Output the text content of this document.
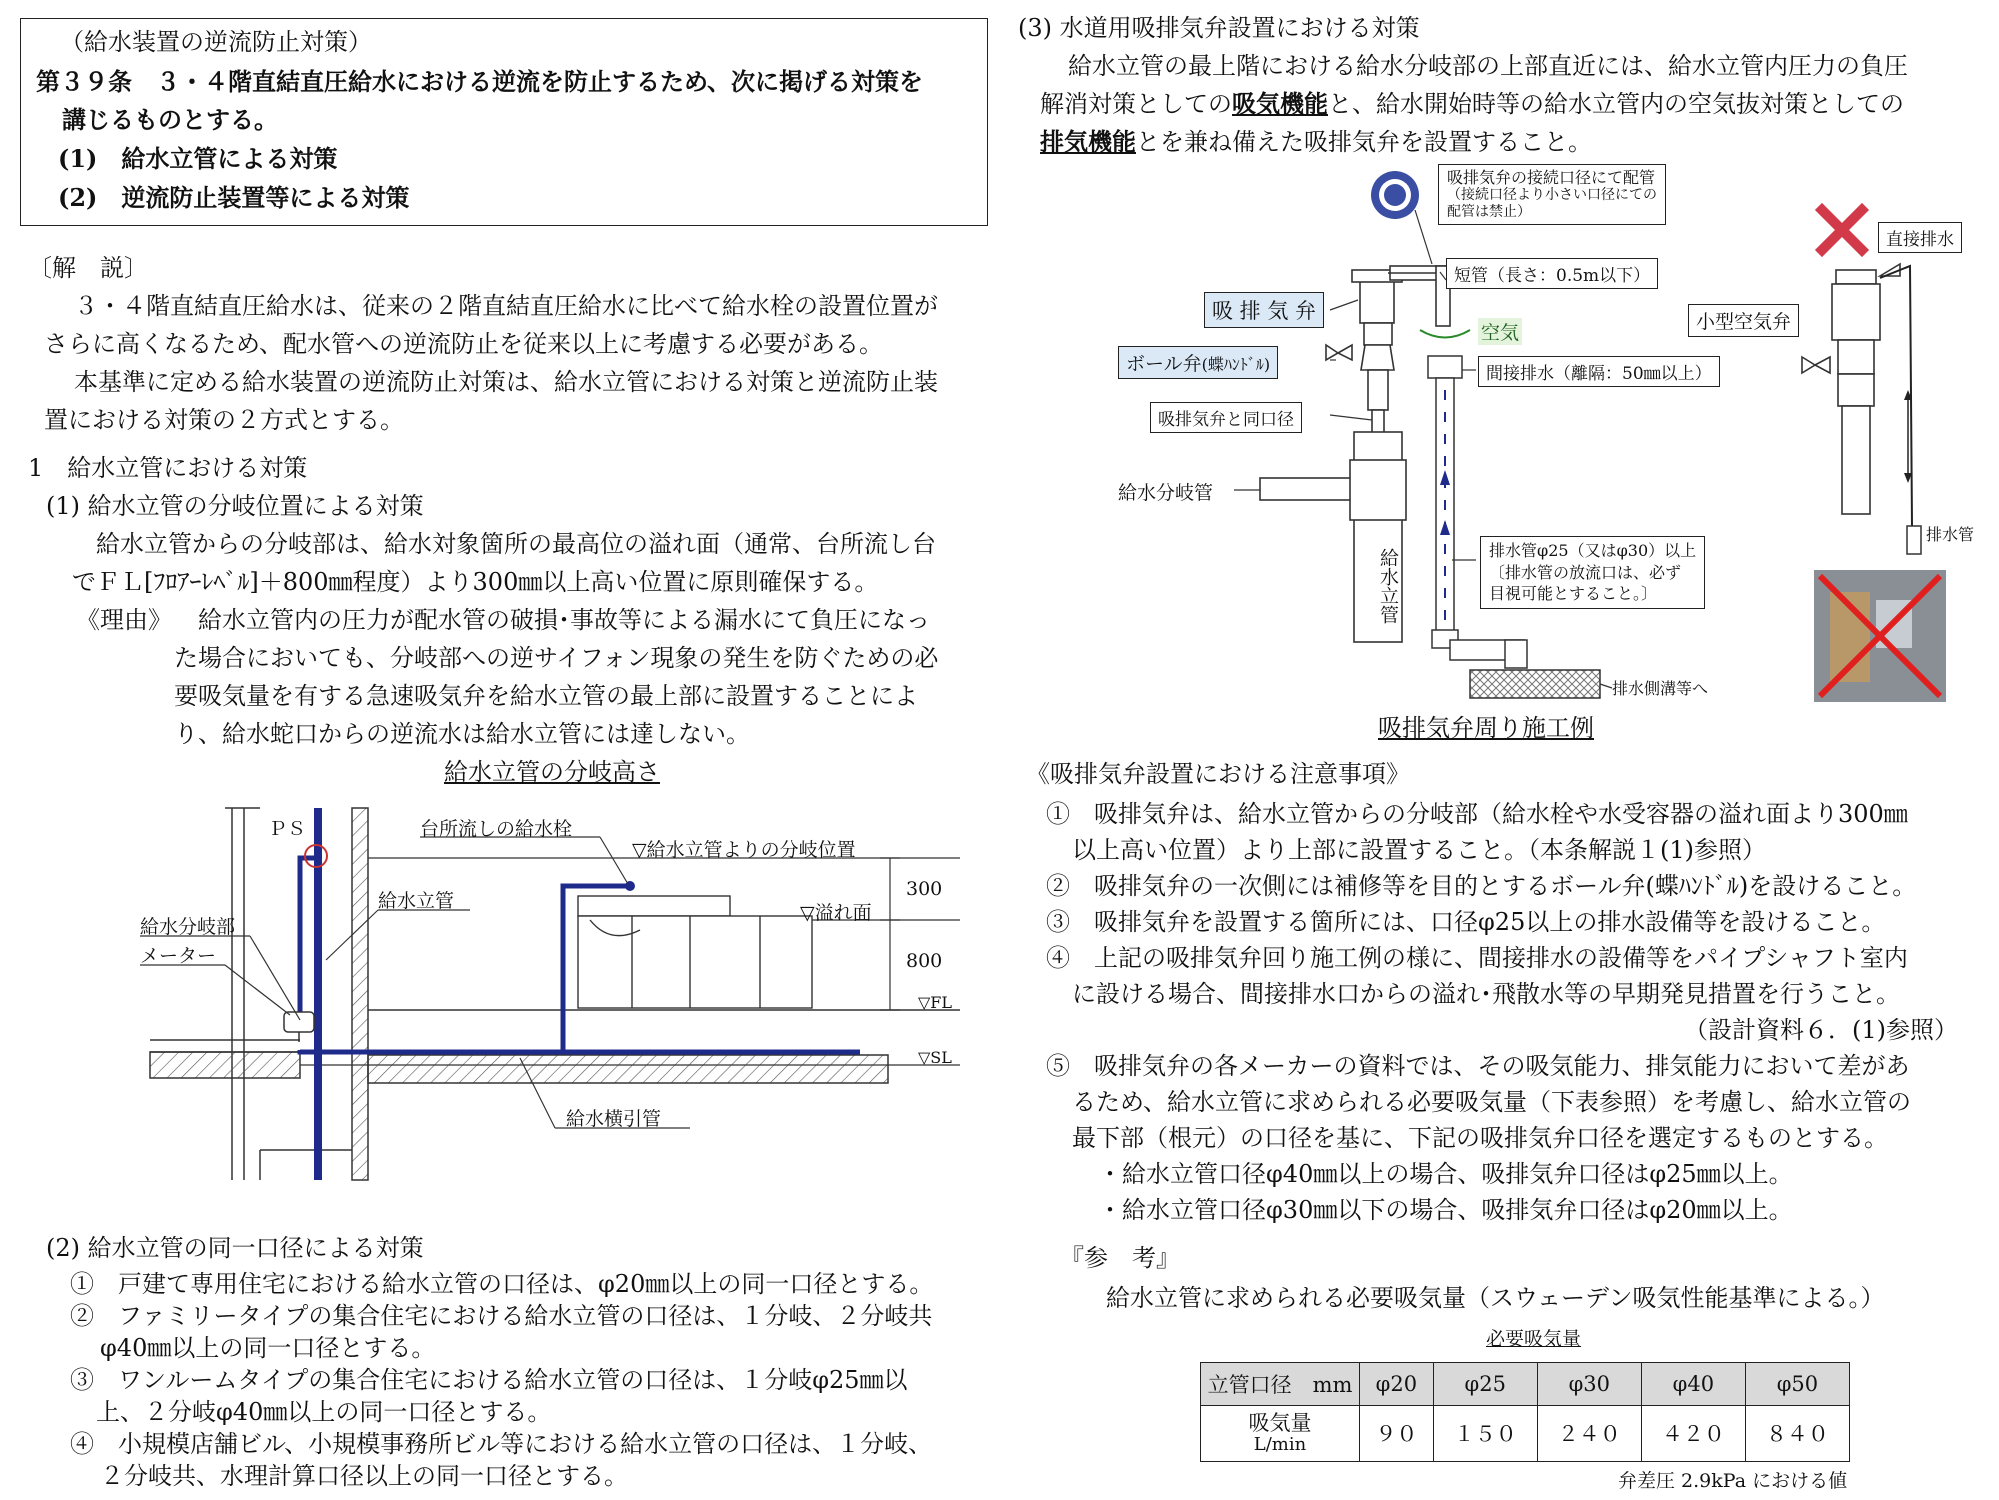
（給水装置の逆流防止対策）
第３９条　３・４階直結直圧給水における逆流を防止するため、次に掲げる対策を
講じるものとする。
(1)　給水立管による対策
(2)　逆流防止装置等による対策
〔解　説〕
３・４階直結直圧給水は、従来の２階直結直圧給水に比べて給水栓の設置位置が
さらに高くなるため、配水管への逆流防止を従来以上に考慮する必要がある。
本基準に定める給水装置の逆流防止対策は、給水立管における対策と逆流防止装
置における対策の２方式とする。
1　給水立管における対策
(1) 給水立管の分岐位置による対策
給水立管からの分岐部は、給水対象箇所の最高位の溢れ面（通常、台所流し台
でＦＬ[ﾌﾛｱｰﾚﾍﾞﾙ]＋800㎜程度）より300㎜以上高い位置に原則確保する。
《理由》 給水立管内の圧力が配水管の破損･事故等による漏水にて負圧になっ
た場合においても、分岐部への逆サイフォン現象の発生を防ぐための必
要吸気量を有する急速吸気弁を給水立管の最上部に設置することによ
り、給水蛇口からの逆流水は給水立管には達しない。
給水立管の分岐高さ
ＰＳ	台所流しの給水栓
▽給水立管よりの分岐位置
給水立管
給水分岐部
メーター
▽溢れ面
300
800
▽FL
▽SL
給水横引管
(2) 給水立管の同一口径による対策
①　戸建て専用住宅における給水立管の口径は、φ20㎜以上の同一口径とする。
②　ファミリータイプの集合住宅における給水立管の口径は、１分岐、２分岐共
φ40㎜以上の同一口径とする。
③　ワンルームタイプの集合住宅における給水立管の口径は、１分岐φ25㎜以
上、２分岐φ40㎜以上の同一口径とする。
④　小規模店舗ビル、小規模事務所ビル等における給水立管の口径は、１分岐、
２分岐共、水理計算口径以上の同一口径とする。
(3) 水道用吸排気弁設置における対策
給水立管の最上階における給水分岐部の上部直近には、給水立管内圧力の負圧
解消対策としての吸気機能と、給水開始時等の給水立管内の空気抜対策としての
排気機能とを兼ね備えた吸排気弁を設置すること。
吸排気弁の接続口径にて配管
（接続口径より小さい口径にての
配管は禁止）
短管（長さ：0.5m以下）
吸 排 気 弁
空気
ボール弁(蝶ﾊﾝﾄﾞﾙ)	間接排水（離隔：50㎜以上）
吸排気弁と同口径
給水分岐管
給水立管	排水管φ25（又はφ30）以上
〔排水管の放流口は、必ず
目視可能とすること。〕
排水側溝等へ
直接排水
小型空気弁
排水管
吸排気弁周り施工例
《吸排気弁設置における注意事項》
①　吸排気弁は、給水立管からの分岐部（給水栓や水受容器の溢れ面より300㎜
以上高い位置）より上部に設置すること。（本条解説１(1)参照）
②　吸排気弁の一次側には補修等を目的とするボール弁(蝶ﾊﾝﾄﾞﾙ)を設けること。
③　吸排気弁を設置する箇所には、口径φ25以上の排水設備等を設けること。
④　上記の吸排気弁回り施工例の様に、間接排水の設備等をパイプシャフト室内
に設ける場合、間接排水口からの溢れ･飛散水等の早期発見措置を行うこと。
（設計資料６．(1)参照）
⑤　吸排気弁の各メーカーの資料では、その吸気能力、排気能力において差があ
るため、給水立管に求められる必要吸気量（下表参照）を考慮し、給水立管の
最下部（根元）の口径を基に、下記の吸排気弁口径を選定するものとする。
・給水立管口径φ40㎜以上の場合、吸排気弁口径はφ25㎜以上。
・給水立管口径φ30㎜以下の場合、吸排気弁口径はφ20㎜以上。
『参　考』
給水立管に求められる必要吸気量（スウェーデン吸気性能基準による。）
必要吸気量
立管口径　mm	φ20	φ25	φ30	φ40	φ50

吸気量
L/min	９０	１５０	２４０	４２０	８４０
弁差圧 2.9kPa における値
